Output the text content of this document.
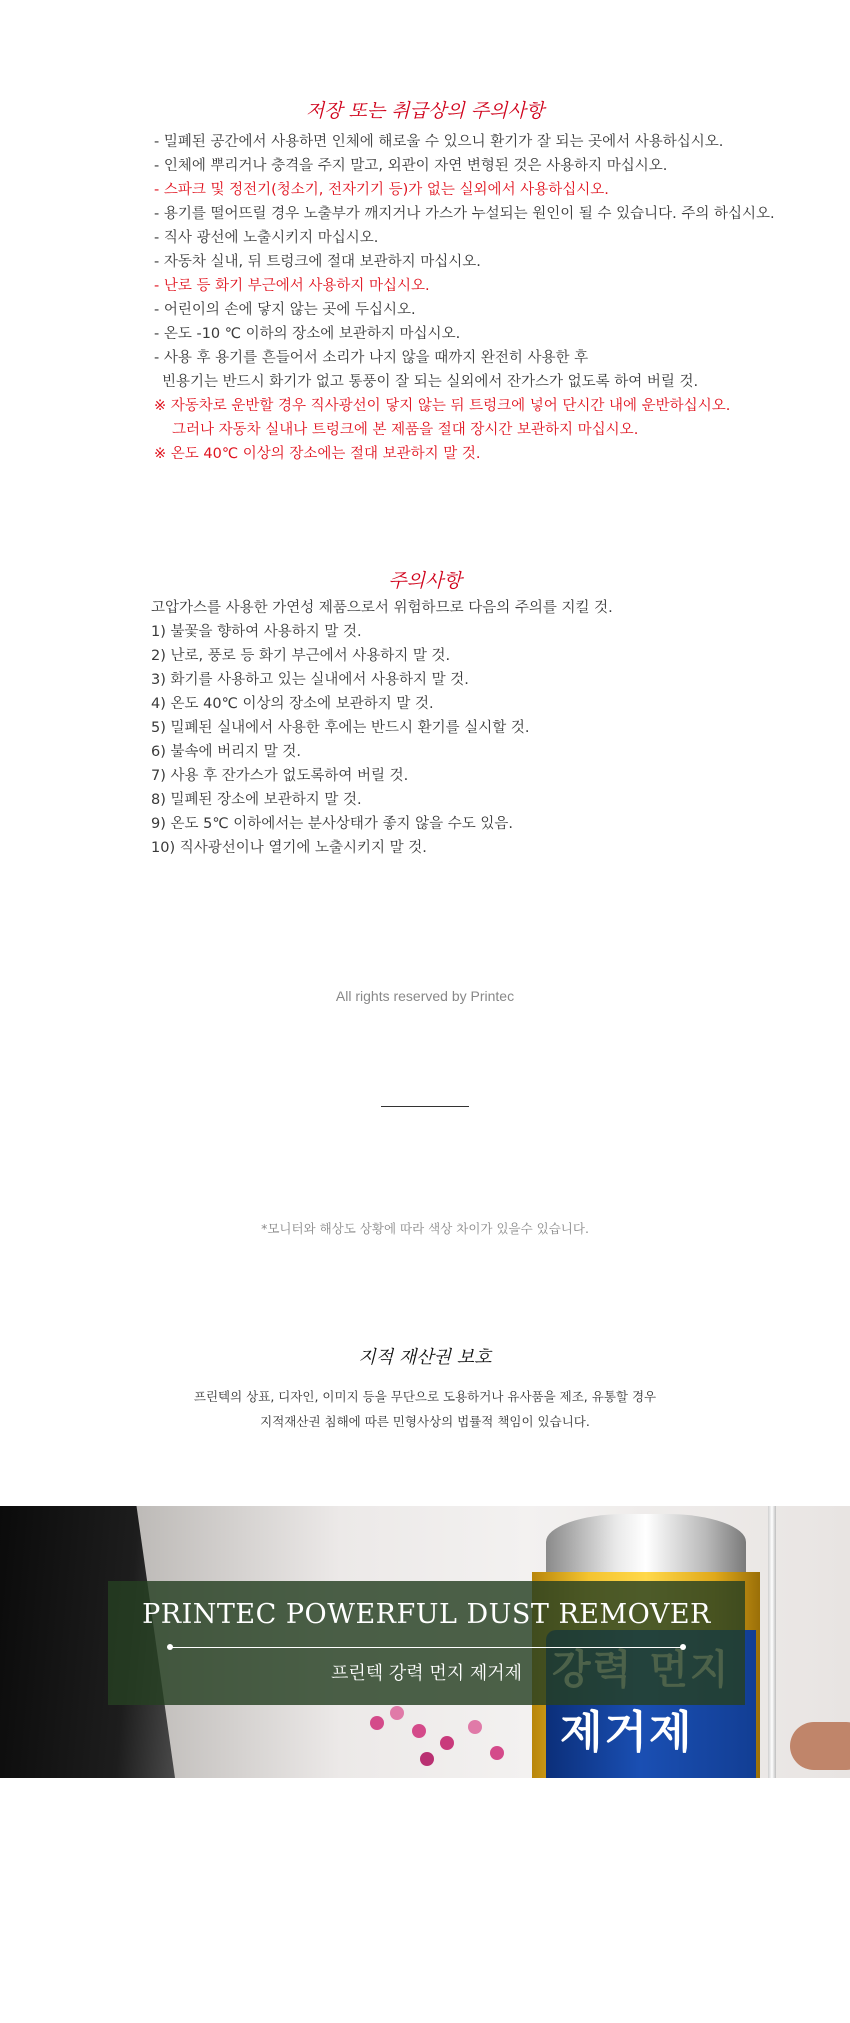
저장 또는 취급상의 주의사항
- 밀폐된 공간에서 사용하면 인체에 해로울 수 있으니 환기가 잘 되는 곳에서 사용하십시오.
- 인체에 뿌리거나 충격을 주지 말고, 외관이 자연 변형된 것은 사용하지 마십시오.
- 스파크 및 정전기(청소기, 전자기기 등)가 없는 실외에서 사용하십시오.
- 용기를 떨어뜨릴 경우 노출부가 깨지거나 가스가 누설되는 원인이 될 수 있습니다. 주의 하십시오.
- 직사 광선에 노출시키지 마십시오.
- 자동차 실내, 뒤 트렁크에 절대 보관하지 마십시오.
- 난로 등 화기 부근에서 사용하지 마십시오.
- 어린이의 손에 닿지 않는 곳에 두십시오.
- 온도 -10 ℃ 이하의 장소에 보관하지 마십시오.
- 사용 후 용기를 흔들어서 소리가 나지 않을 때까지 완전히 사용한 후
빈용기는 반드시 화기가 없고 통풍이 잘 되는 실외에서 잔가스가 없도록 하여 버릴 것.
※ 자동차로 운반할 경우 직사광선이 닿지 않는 뒤 트렁크에 넣어 단시간 내에 운반하십시오.
그러나 자동차 실내나 트렁크에 본 제품을 절대 장시간 보관하지 마십시오.
※ 온도 40℃ 이상의 장소에는 절대 보관하지 말 것.
주의사항
고압가스를 사용한 가연성 제품으로서 위험하므로 다음의 주의를 지킬 것.
1) 불꽃을 향하여 사용하지 말 것.
2) 난로, 풍로 등 화기 부근에서 사용하지 말 것.
3) 화기를 사용하고 있는 실내에서 사용하지 말 것.
4) 온도 40℃ 이상의 장소에 보관하지 말 것.
5) 밀폐된 실내에서 사용한 후에는 반드시 환기를 실시할 것.
6) 불속에 버리지 말 것.
7) 사용 후 잔가스가 없도록하여 버릴 것.
8) 밀폐된 장소에 보관하지 말 것.
9) 온도 5℃ 이하에서는 분사상태가 좋지 않을 수도 있음.
10) 직사광선이나 열기에 노출시키지 말 것.
All rights reserved by Printec
*모니터와 해상도 상황에 따라 색상 차이가 있을수 있습니다.
지적 재산권 보호
프린텍의 상표, 디자인, 이미지 등을 무단으로 도용하거나 유사품을 제조, 유통할 경우
지적재산권 침해에 따른 민형사상의 법률적 책임이 있습니다.
제거제
PRINTEC POWERFUL DUST REMOVER
프린텍 강력 먼지 제거제
